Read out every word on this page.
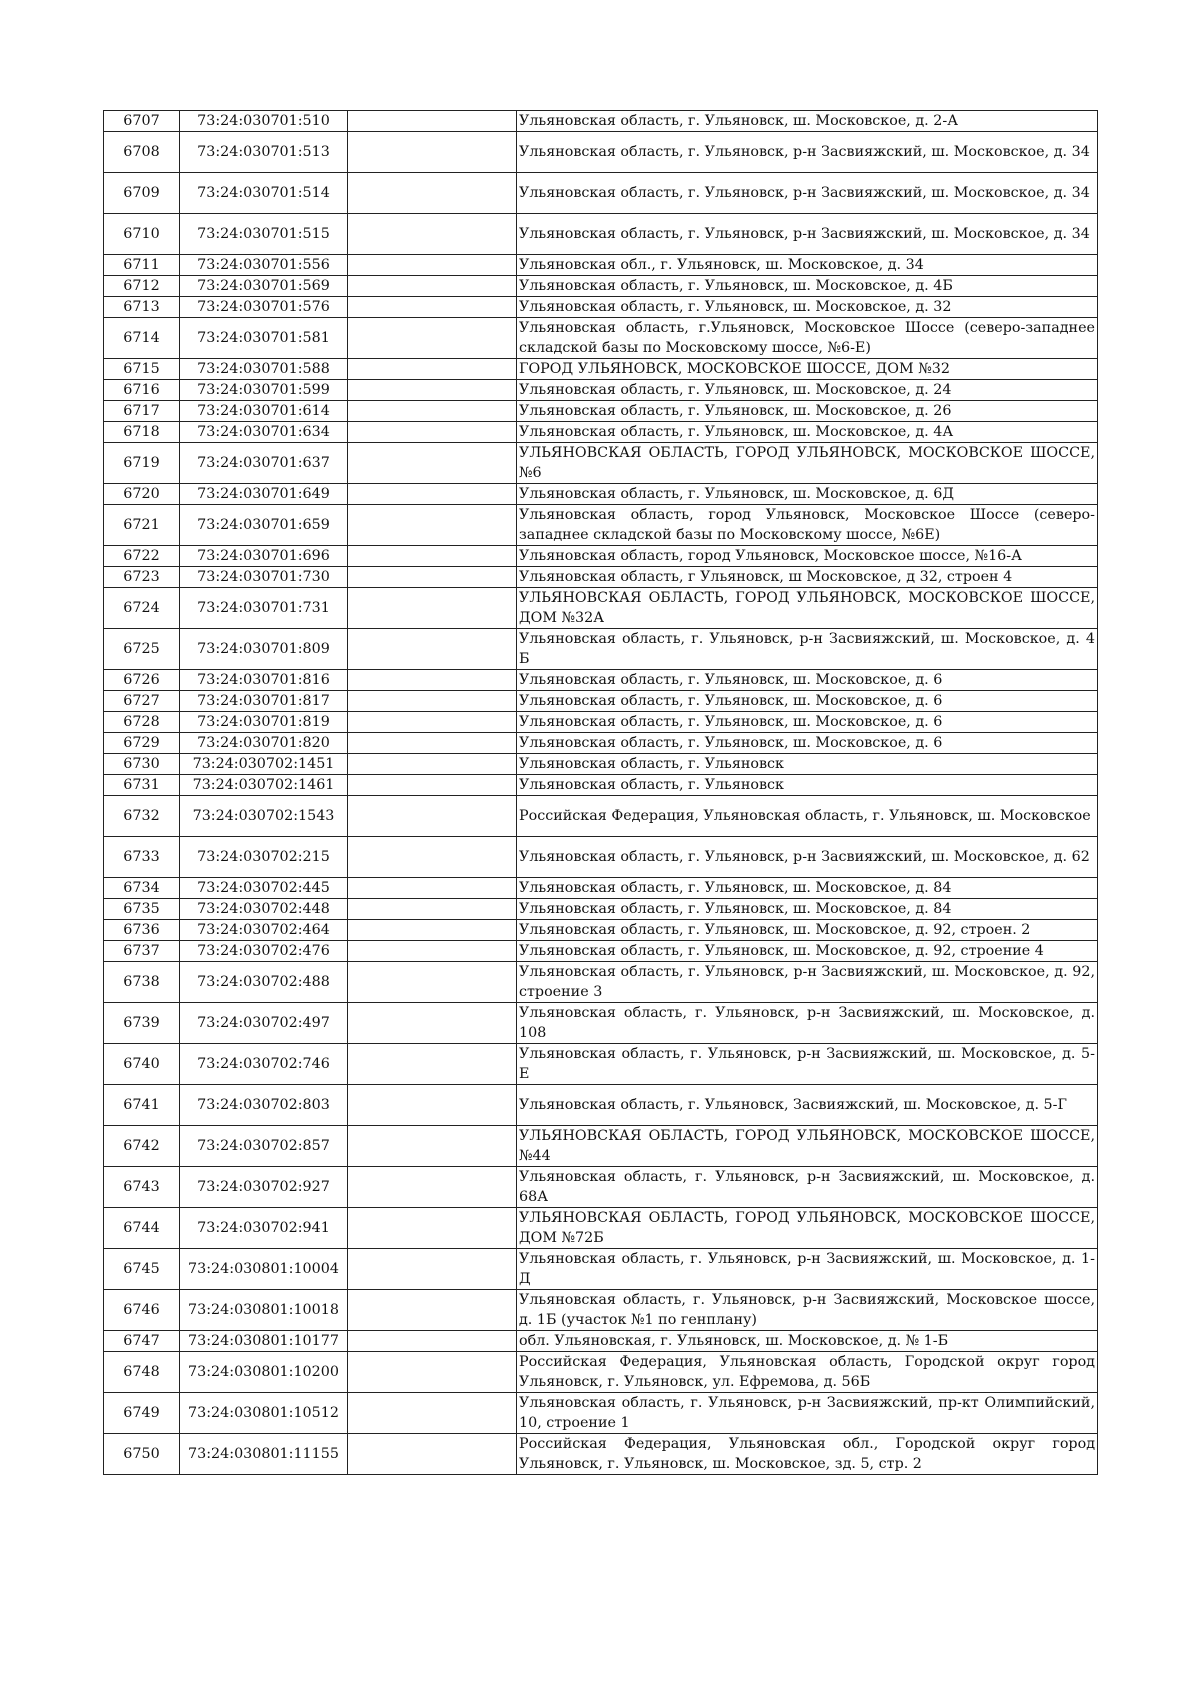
6707	73:24:030701:510		Ульяновская область, г. Ульяновск, ш. Московское, д. 2-А
6708	73:24:030701:513		Ульяновская область, г. Ульяновск, р-н Засвияжский, ш. Московское, д. 34
6709	73:24:030701:514		Ульяновская область, г. Ульяновск, р-н Засвияжский, ш. Московское, д. 34
6710	73:24:030701:515		Ульяновская область, г. Ульяновск, р-н Засвияжский, ш. Московское, д. 34
6711	73:24:030701:556		Ульяновская обл., г. Ульяновск, ш. Московское, д. 34
6712	73:24:030701:569		Ульяновская область, г. Ульяновск, ш. Московское, д. 4Б
6713	73:24:030701:576		Ульяновская область, г. Ульяновск, ш. Московское, д. 32
6714	73:24:030701:581		Ульяновская область, г.Ульяновск, Московское Шоссе (северо-западнее складской базы по Московскому шоссе, №6-Е)
6715	73:24:030701:588		ГОРОД УЛЬЯНОВСК, МОСКОВСКОЕ ШОССЕ, ДОМ №32
6716	73:24:030701:599		Ульяновская область, г. Ульяновск, ш. Московское, д. 24
6717	73:24:030701:614		Ульяновская область, г. Ульяновск, ш. Московское, д. 26
6718	73:24:030701:634		Ульяновская область, г. Ульяновск, ш. Московское, д. 4А
6719	73:24:030701:637		УЛЬЯНОВСКАЯ ОБЛАСТЬ, ГОРОД УЛЬЯНОВСК, МОСКОВСКОЕ ШОССЕ, №6
6720	73:24:030701:649		Ульяновская область, г. Ульяновск, ш. Московское, д. 6Д
6721	73:24:030701:659		Ульяновская область, город Ульяновск, Московское Шоссе (северо-западнее складской базы по Московскому шоссе, №6Е)
6722	73:24:030701:696		Ульяновская область, город Ульяновск, Московское шоссе, №16-А
6723	73:24:030701:730		Ульяновская область, г Ульяновск, ш Московское, д 32, строен 4
6724	73:24:030701:731		УЛЬЯНОВСКАЯ ОБЛАСТЬ, ГОРОД УЛЬЯНОВСК, МОСКОВСКОЕ ШОССЕ, ДОМ №32А
6725	73:24:030701:809		Ульяновская область, г. Ульяновск, р-н Засвияжский, ш. Московское, д. 4 Б
6726	73:24:030701:816		Ульяновская область, г. Ульяновск, ш. Московское, д. 6
6727	73:24:030701:817		Ульяновская область, г. Ульяновск, ш. Московское, д. 6
6728	73:24:030701:819		Ульяновская область, г. Ульяновск, ш. Московское, д. 6
6729	73:24:030701:820		Ульяновская область, г. Ульяновск, ш. Московское, д. 6
6730	73:24:030702:1451		Ульяновская область, г. Ульяновск
6731	73:24:030702:1461		Ульяновская область, г. Ульяновск
6732	73:24:030702:1543		Российская Федерация, Ульяновская область, г. Ульяновск, ш. Московское
6733	73:24:030702:215		Ульяновская область, г. Ульяновск, р-н Засвияжский, ш. Московское, д. 62
6734	73:24:030702:445		Ульяновская область, г. Ульяновск, ш. Московское, д. 84
6735	73:24:030702:448		Ульяновская область, г. Ульяновск, ш. Московское, д. 84
6736	73:24:030702:464		Ульяновская область, г. Ульяновск, ш. Московское, д. 92, строен. 2
6737	73:24:030702:476		Ульяновская область, г. Ульяновск, ш. Московское, д. 92, строение 4
6738	73:24:030702:488		Ульяновская область, г. Ульяновск, р-н Засвияжский, ш. Московское, д. 92, строение 3
6739	73:24:030702:497		Ульяновская область, г. Ульяновск, р-н Засвияжский, ш. Московское, д. 108
6740	73:24:030702:746		Ульяновская область, г. Ульяновск, р-н Засвияжский, ш. Московское, д. 5-Е
6741	73:24:030702:803		Ульяновская область, г. Ульяновск, Засвияжский, ш. Московское, д. 5-Г
6742	73:24:030702:857		УЛЬЯНОВСКАЯ ОБЛАСТЬ, ГОРОД УЛЬЯНОВСК, МОСКОВСКОЕ ШОССЕ, №44
6743	73:24:030702:927		Ульяновская область, г. Ульяновск, р-н Засвияжский, ш. Московское, д. 68А
6744	73:24:030702:941		УЛЬЯНОВСКАЯ ОБЛАСТЬ, ГОРОД УЛЬЯНОВСК, МОСКОВСКОЕ ШОССЕ, ДОМ №72Б
6745	73:24:030801:10004		Ульяновская область, г. Ульяновск, р-н Засвияжский, ш. Московское, д. 1-Д
6746	73:24:030801:10018		Ульяновская область, г. Ульяновск, р-н Засвияжский, Московское шоссе, д. 1Б (участок №1 по генплану)
6747	73:24:030801:10177		обл. Ульяновская, г. Ульяновск, ш. Московское, д. № 1-Б
6748	73:24:030801:10200		Российская Федерация, Ульяновская область, Городской округ город Ульяновск, г. Ульяновск, ул. Ефремова, д. 56Б
6749	73:24:030801:10512		Ульяновская область, г. Ульяновск, р-н Засвияжский, пр-кт Олимпийский, 10, строение 1
6750	73:24:030801:11155		Российская Федерация, Ульяновская обл., Городской округ город Ульяновск, г. Ульяновск, ш. Московское, зд. 5, стр. 2
